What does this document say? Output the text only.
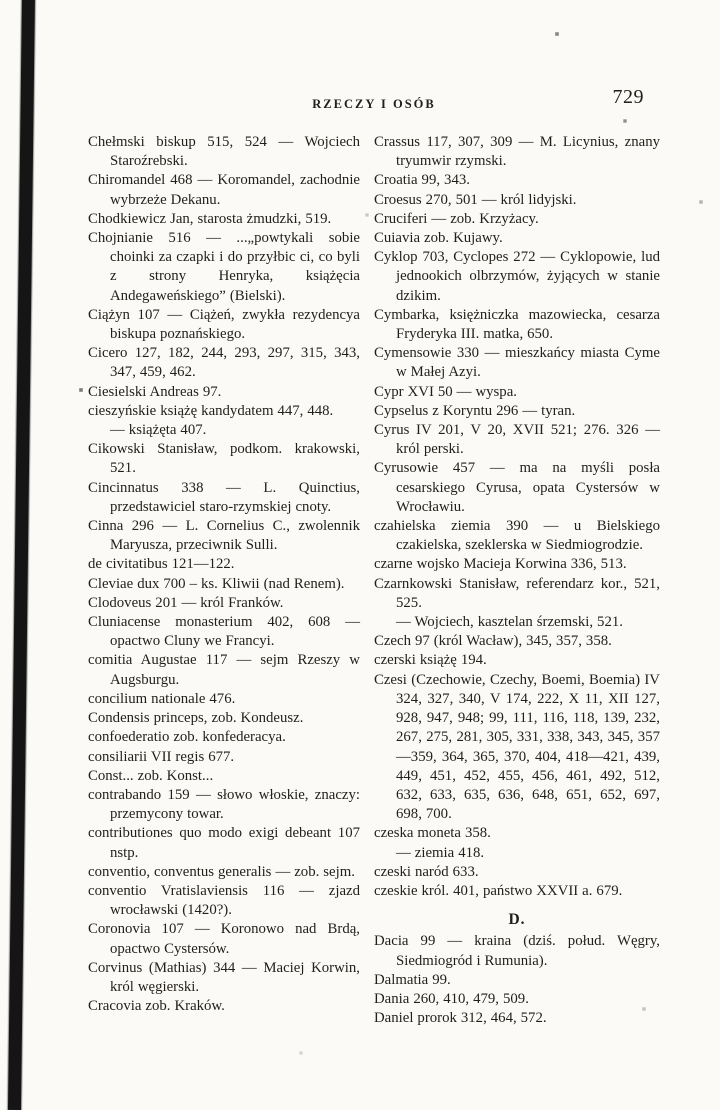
RZECZY I OSÓB	729

Chełmski biskup 515, 524 — Wojciech Staroźrebski.

Chiromandel 468 — Koromandel, zachodnie wybrzeże Dekanu.

Chodkiewicz Jan, starosta żmudzki, 519.

Chojnianie 516 — ...„powtykali sobie choinki za czapki i do przyłbic ci, co byli z strony Henryka, książęcia Andegaweńskiego” (Bielski).

Ciążyn 107 — Ciążeń, zwykła rezydencya biskupa poznańskiego.

Cicero 127, 182, 244, 293, 297, 315, 343, 347, 459, 462.

Ciesielski Andreas 97.

cieszyńskie książę kandydatem 447, 448.

— książęta 407.

Cikowski Stanisław, podkom. krakowski, 521.

Cincinnatus 338 — L. Quinctius, przedstawiciel staro-rzymskiej cnoty.

Cinna 296 — L. Cornelius C., zwolennik Maryusza, przeciwnik Sulli.

de civitatibus 121—122.

Cleviae dux 700 – ks. Kliwii (nad Renem).

Clodoveus 201 — król Franków.

Cluniacense monasterium 402, 608 — opactwo Cluny we Francyi.

comitia Augustae 117 — sejm Rzeszy w Augsburgu.

concilium nationale 476.

Condensis princeps, zob. Kondeusz.

confoederatio zob. konfederacya.

consiliarii VII regis 677.

Const... zob. Konst...

contrabando 159 — słowo włoskie, znaczy: przemycony towar.

contributiones quo modo exigi debeant 107 nstp.

conventio, conventus generalis — zob. sejm.

conventio Vratislaviensis 116 — zjazd wrocławski (1420?).

Coronovia 107 — Koronowo nad Brdą, opactwo Cystersów.

Corvinus (Mathias) 344 — Maciej Korwin, król węgierski.

Cracovia zob. Kraków.

Crassus 117, 307, 309 — M. Licynius, znany tryumwir rzymski.

Croatia 99, 343.

Croesus 270, 501 — król lidyjski.

Cruciferi — zob. Krzyżacy.

Cuiavia zob. Kujawy.

Cyklop 703, Cyclopes 272 — Cyklopowie, lud jednookich olbrzymów, żyjących w stanie dzikim.

Cymbarka, księżniczka mazowiecka, cesarza Fryderyka III. matka, 650.

Cymensowie 330 — mieszkańcy miasta Cyme w Małej Azyi.

Cypr XVI 50 — wyspa.

Cypselus z Koryntu 296 — tyran.

Cyrus IV 201, V 20, XVII 521; 276. 326 — król perski.

Cyrusowie 457 — ma na myśli posła cesarskiego Cyrusa, opata Cystersów w Wrocławiu.

czahielska ziemia 390 — u Bielskiego czakielska, szeklerska w Siedmiogrodzie.

czarne wojsko Macieja Korwina 336, 513.

Czarnkowski Stanisław, referendarz kor., 521, 525.

— Wojciech, kasztelan śrzemski, 521.

Czech 97 (król Wacław), 345, 357, 358.

czerski książę 194.

Czesi (Czechowie, Czechy, Boemi, Boemia) IV 324, 327, 340, V 174, 222, X 11, XII 127, 928, 947, 948; 99, 111, 116, 118, 139, 232, 267, 275, 281, 305, 331, 338, 343, 345, 357—359, 364, 365, 370, 404, 418—421, 439, 449, 451, 452, 455, 456, 461, 492, 512, 632, 633, 635, 636, 648, 651, 652, 697, 698, 700.

czeska moneta 358.

— ziemia 418.

czeski naród 633.

czeskie król. 401, państwo XXVII a. 679.

D.

Dacia 99 — kraina (dziś. połud. Węgry, Siedmiogród i Rumunia).

Dalmatia 99.

Dania 260, 410, 479, 509.

Daniel prorok 312, 464, 572.
